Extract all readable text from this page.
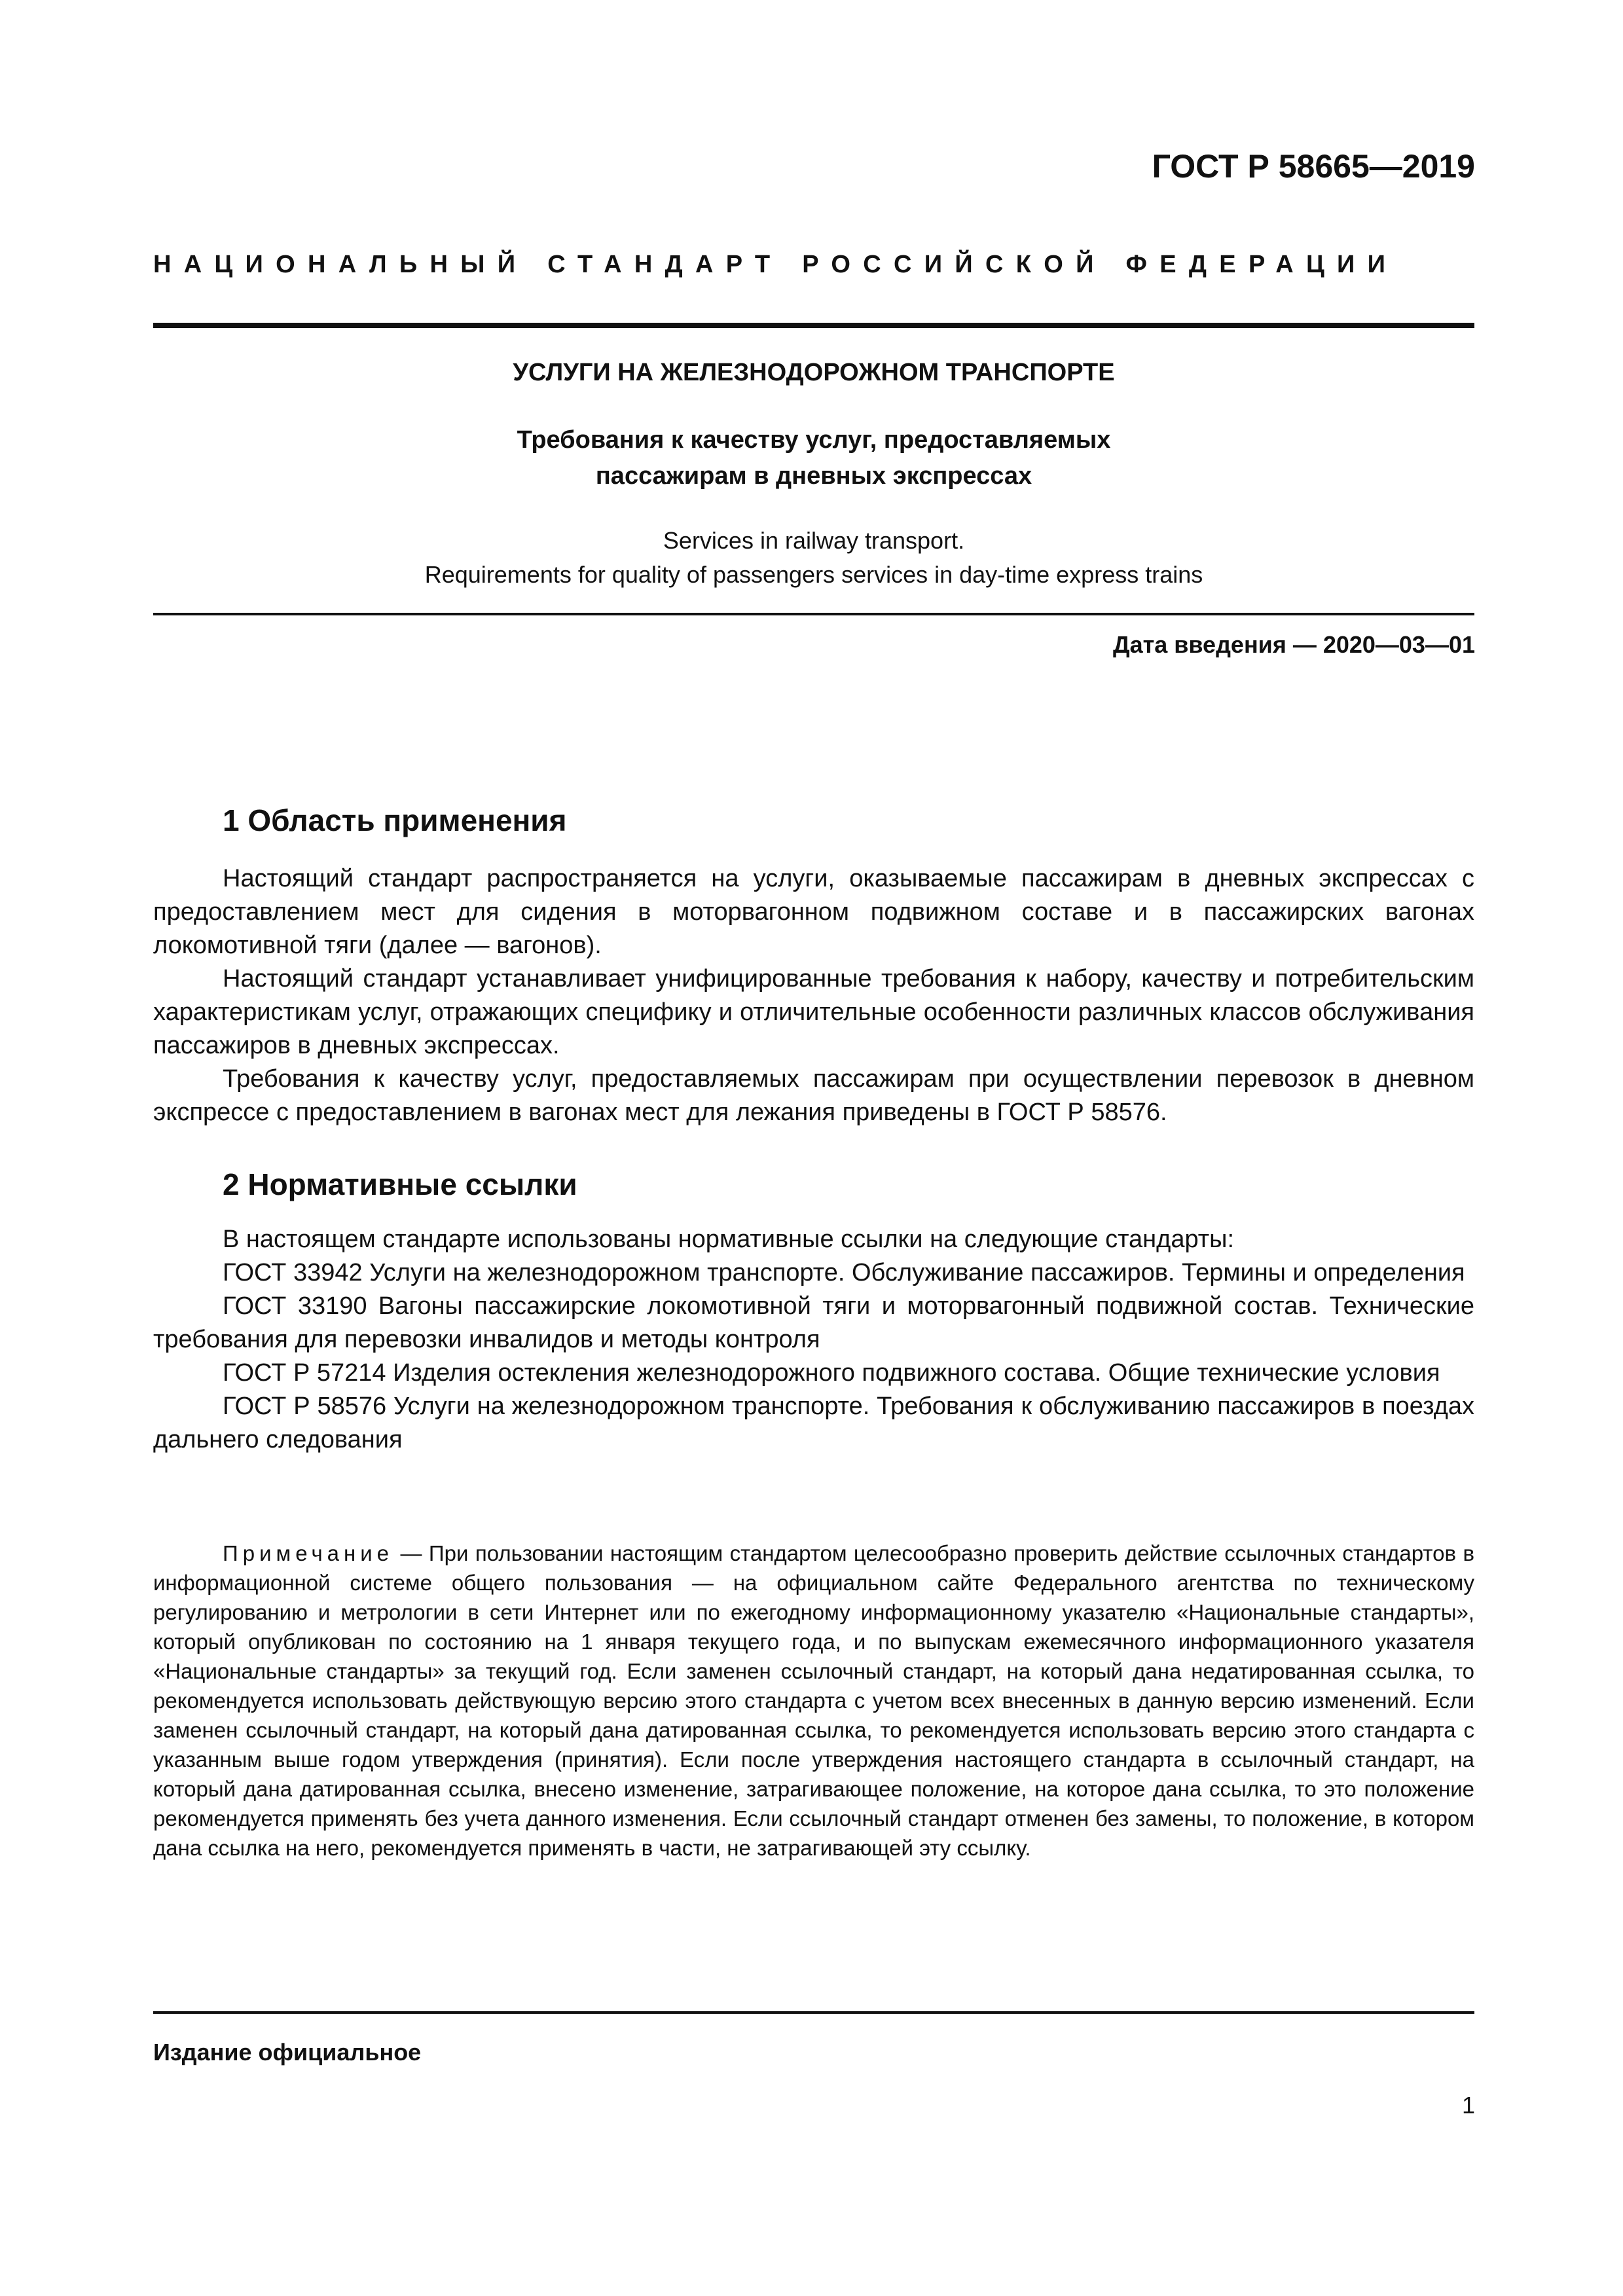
ГОСТ Р 58665—2019
НАЦИОНАЛЬНЫЙ СТАНДАРТ РОССИЙСКОЙ ФЕДЕРАЦИИ
УСЛУГИ НА ЖЕЛЕЗНОДОРОЖНОМ ТРАНСПОРТЕ
Требования к качеству услуг, предоставляемых
пассажирам в дневных экспрессах
Services in railway transport.
Requirements for quality of passengers services in day-time express trains
Дата введения — 2020—03—01
1 Область применения

Настоящий стандарт распространяется на услуги, оказываемые пассажирам в дневных экспрессах с предоставлением мест для сидения в моторвагонном подвижном составе и в пассажирских вагонах локомотивной тяги (далее — вагонов).

Настоящий стандарт устанавливает унифицированные требования к набору, качеству и потребительским характеристикам услуг, отражающих специфику и отличительные особенности различных классов обслуживания пассажиров в дневных экспрессах.

Требования к качеству услуг, предоставляемых пассажирам при осуществлении перевозок в дневном экспрессе с предоставлением в вагонах мест для лежания приведены в ГОСТ Р 58576.

2 Нормативные ссылки

В настоящем стандарте использованы нормативные ссылки на следующие стандарты:

ГОСТ 33942 Услуги на железнодорожном транспорте. Обслуживание пассажиров. Термины и определения

ГОСТ 33190 Вагоны пассажирские локомотивной тяги и моторвагонный подвижной состав. Технические требования для перевозки инвалидов и методы контроля

ГОСТ Р 57214 Изделия остекления железнодорожного подвижного состава. Общие технические условия

ГОСТ Р 58576 Услуги на железнодорожном транспорте. Требования к обслуживанию пассажиров в поездах дальнего следования

Примечание — При пользовании настоящим стандартом целесообразно проверить действие ссылочных стандартов в информационной системе общего пользования — на официальном сайте Федерального агентства по техническому регулированию и метрологии в сети Интернет или по ежегодному информационному указателю «Национальные стандарты», который опубликован по состоянию на 1 января текущего года, и по выпускам ежемесячного информационного указателя «Национальные стандарты» за текущий год. Если заменен ссылочный стандарт, на который дана недатированная ссылка, то рекомендуется использовать действующую версию этого стандарта с учетом всех внесенных в данную версию изменений. Если заменен ссылочный стандарт, на который дана датированная ссылка, то рекомендуется использовать версию этого стандарта с указанным выше годом утверждения (принятия). Если после утверждения настоящего стандарта в ссылочный стандарт, на который дана датированная ссылка, внесено изменение, затрагивающее положение, на которое дана ссылка, то это положение рекомендуется применять без учета данного изменения. Если ссылочный стандарт отменен без замены, то положение, в котором дана ссылка на него, рекомендуется применять в части, не затрагивающей эту ссылку.
Издание официальное
1
